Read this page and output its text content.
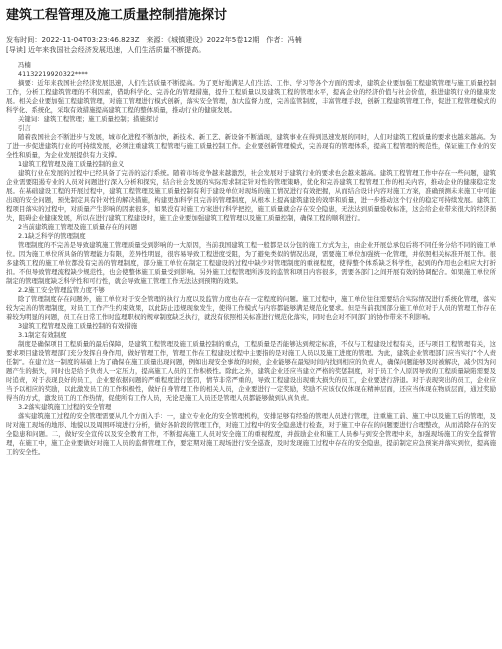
建筑工程管理及施工质量控制措施探讨
发布时间：2022-11-04T03:23:46.823Z 来源：《城镇建设》2022年5卷12期 作者：冯楠
[导读] 近年来我国社会经济发展迅速，人们生活质量不断提高。
冯楠
41132219920322****

摘要：近年来我国社会经济发展迅速，人们生活质量不断提高。为了更好地满足人们生活、工作、学习等各个方面的需求，建筑企业要加强工程建筑管理与施工质量控制工作，分析工程建筑管理的不利因素，借助科学化、完善化的管理措施，提升工程质量以及建筑工程的管理水平，提高企业的经济价值与社会价值，推进建筑行业的健康发展。相关企业要加强工程建筑管理，对施工管理进行模式创新，落实安全管理，加大监督力度，完善监管制度，丰富管理手段，创新工程建筑管理工作，促进工程管理模式的科学化、系统化，采取有效措施提高建筑工程的整体质量，推动行业的健康发展。

关键词：建筑工程管理；施工质量控制；措施探讨
引言

随着我国社会不断进步与发展，城市化进程不断加快，新技术、新工艺、新设备不断涌现，建筑事业在得到迅速发展的同时，人们对建筑工程质量的要求也越来越高。为了进一步促进建筑行业的可持续发展，必须注重建筑工程管理与施工质量控制工作。企业要创新管理模式，完善现有的管理体系，提高工程管理的规范性，保证施工作业的安全性和质量，为企业发展提供有力支撑。

1建筑工程管理及施工质量控制的意义

建筑行业在发展的过程中已经具备了完善的运行系统。随着市场竞争越来越激烈，社会发展对于建筑行业的要求也会越来越高。建筑工程管理工作中存在一些问题，建筑企业需要阻遏专业的人员对问题进行深入分析和探究，结合社会发展的实际需求制定针对性的管理策略，优化和完善建筑工程管理工作的相关内容，推动企业的健康稳定发展。在基础建设工程的开展过程中，建筑工程管理及施工质量控制有利于建设单位对现场的施工情况进行有效把握，从而结合设计内容对施工方案，准确预测未来施工中可能出现的安全问题，预先制定具有针对性的解决措施，构建更加科学且完善的管理制度，从根本上提高建筑建设的效率和质量，进一步推动这个行业的稳定可持续发展。建筑工程项目落实的过程中，对质量产生影响的因素很多，如果没有对施工方案进行科学把控，施工质量就会存在安全隐患，无法达到质量验收标准，这会给企业带来很大的经济损失，阻碍企业健康发展，所以在进行建筑工程建设时，施工企业要加强建筑工程管理以及施工质量控制，确保工程的顺利进行。

2当前建筑施工管理及施工质量存在的问题
2.1缺乏科学的管理制度

管理制度的不完善是导致建筑施工管理质量受到影响的一大原因，当前我国建筑工程一般都是以分包的施工方式为主，由企业开展总承包后将不同任务分给不同的施工单位。因为施工单位所具备的管理能力有限，差异性明显，很容易导致工程进度受阻，为了避免类似的情况出现，需要施工单位加强统一化管理，并依照相关标准开展工作。很多建筑工程的施工单位都没有完善的管理制度，部分施工单位在制定工程建设的过程中缺少对管理制度的重视程度，使得整个体系缺乏科学性，起到的作用也会相应大打折扣。不但导致管理流程缺少规范性，也会使整体施工质量受到影响。另外施工过程管理所涉及的监管和项目内容很多，需要各部门之间开展有效的协调配合。如果施工单位所制定的管理制度缺乏科学性和可行性，就会导致施工管理工作无法达到预期的效果。

2.2施工安全管理监管力度不够

除了管理制度存在问题外，施工单位对于安全管理的执行力度以及监管力度也存在一定程度的问题。施工过程中，施工单位往往需要结合实际情况进行系统化管理，落实较为完善的管理制度，对员工工作产生约束效果，以此防止违规现象发生，使得工作模式与内容都能够满足规范化要求。但是当前我国部分施工单位对于人员的管理工作存在着较为明显的问题，员工在日常工作时监理职权的规章制度缺乏执行，就没有依照相关标准进行规范化落实，同时也会对不同部门的协作带来不利影响。

3建筑工程管理及施工质量控制的有效措施
3.1制定有效制度

制度是确保项目工程质量的最后保障，是建筑工程管理及施工质量控制的重点，工程质量是否能够达到规定标准，不仅与工程建设过程有关，还与项目工程管理有关，这要求项目建设管理部门充分发挥自身作用，做好管理工作，管理工作在工程建设过程中主要指的是对施工人员以及施工进度的管理。为此，建筑企业管理部门应当实行“个人责任制”。在建立这一制度的基础上为了确保在施工质量出现问题，例如出现安全事故的时候，企业能够在最短时间内找到相应的负责人，确保问题能够及时被解决，减少因为问题产生的损失，同时也是给予负责人一定压力，提高施工人员的工作积极性。除此之外，建筑企业还应当建立严格的奖惩制度，对于员工个人原因导致的工程质量缺陷需要及时追责，对于表现良好的员工，企业要依据问题的严重程度进行惩罚，情节非常严重的，导致工程建设出现重大损失的员工，企业要进行辞退。对于表现突出的员工，企业应当予以相应的奖励，以此激发员工的工作积极性，做好自身管理工作的相关人员，企业要进行一定奖励，奖励不应该仅仅体现在精神层面，还应当体现在物质层面，通过奖励得当的方式，激发员工的工作热情，促使所有工作人员，无论是施工人员还是管理人员都能够做到认真负责。

3.2落实建筑施工过程的安全管理

落实建筑施工过程的安全管理需要从几个方面入手：一，建立专业化的安全管理机构，安排足够有经验的管理人员进行管理，注重施工前、施工中以及施工后的管理，及时对施工现场的地形、地貌以及周围环境进行分析，做好各阶段的管理工作，对施工过程中的安全隐患进行检查，对于施工中存在的问题要进行合理整改，从而消除存在的安全隐患和问题。二，做好安全宣传以及安全教育工作，不断提高施工人员对安全施工的重视程度，并鼓励企业和施工人员参与到安全管理中来，加强现场施工的安全监督管理，在施工中，施工企业要做好对施工人员的监督管理工作，要定期对施工现场进行安全巡查，及时发现施工过程中存在的安全隐患，提前制定应急预案并落实到位，提高施工的安全性。
